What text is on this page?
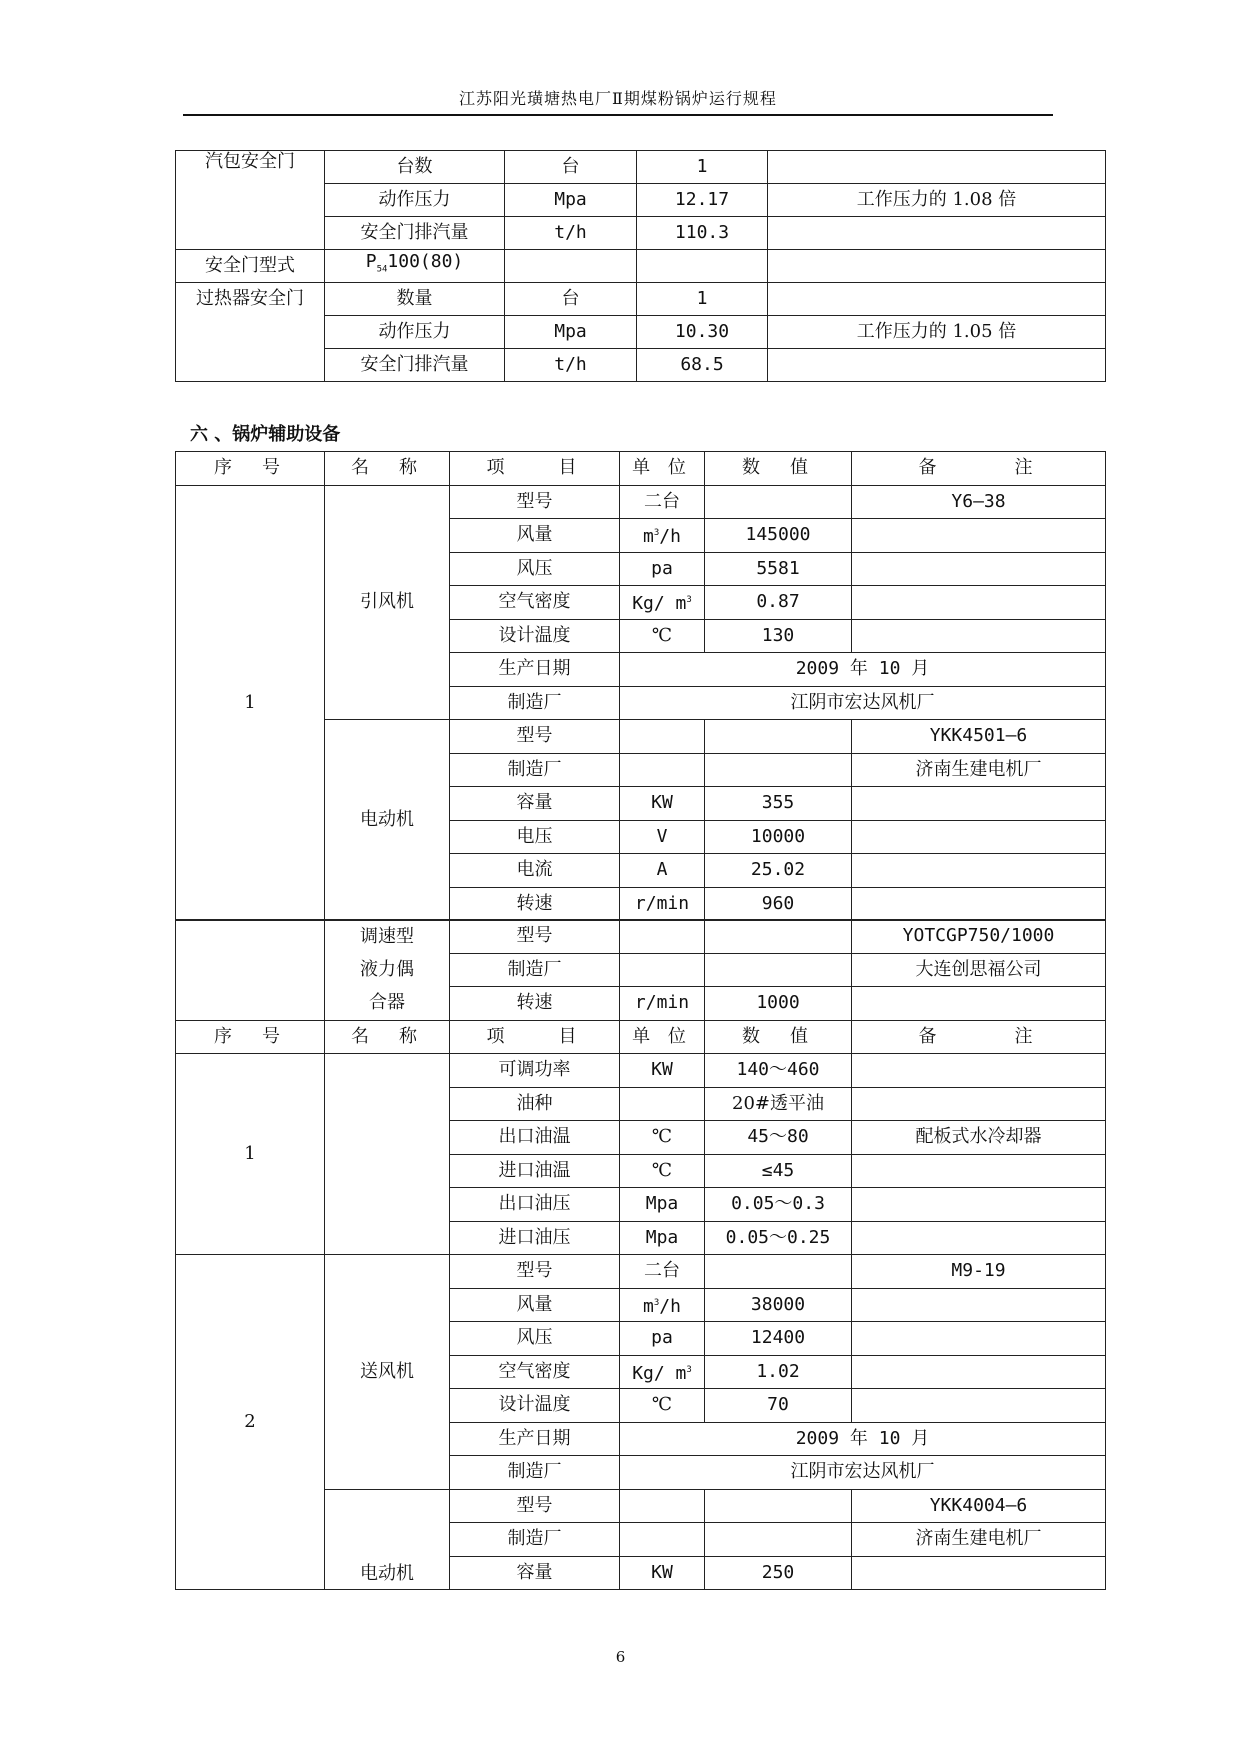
江苏阳光璜塘热电厂Ⅱ期煤粉锅炉运行规程
汽包安全门	台数	台	1	
	动作压力	Mpa	12.17	工作压力的 1.08 倍
	安全门排汽量	t/h	110.3	
安全门型式	$P_{54}100(80)$			
过热器安全门	数量	台	1	
	动作压力	Mpa	10.30	工作压力的 1.05 倍
	安全门排汽量	t/h	68.5	
六 、锅炉辅助设备
序　号	名　称	项　　目	单 位	数　值	备　　　注
1	引风机	型号	二台		Y6—38
		风量	$m^3/h$	145000	
		风压	pa	5581	
		空气密度	Kg/ $m^3$	0.87	
		设计温度	℃	130	
		生产日期	2009 年 10 月		
		制造厂	江阴市宏达风机厂		
	电动机	型号			YKK4501—6
		制造厂			济南生建电机厂
		容量	KW	355	
		电压	V	10000	
		电流	A	25.02	
		转速	r/min	960	

	调速型
液力偶
合器	型号			YOTCGP750/1000
		制造厂			大连创思福公司
		转速	r/min	1000	
序　号	名　称	项　　目	单 位	数　值	备　　　注
1		可调功率	KW	140～460	
		油种		20#透平油	
		出口油温	℃	45～80	配板式水冷却器
		进口油温	℃	≤45	
		出口油压	Mpa	0.05～0.3	
		进口油压	Mpa	0.05～0.25	
2	送风机	型号	二台		M9-19
		风量	$m^3/h$	38000	
		风压	pa	12400	
		空气密度	Kg/ $m^3$	1.02	
		设计温度	℃	70	
		生产日期	2009 年 10 月		
		制造厂	江阴市宏达风机厂		
	电动机	型号			YKK4004—6
		制造厂			济南生建电机厂
		容量	KW	250	
6
